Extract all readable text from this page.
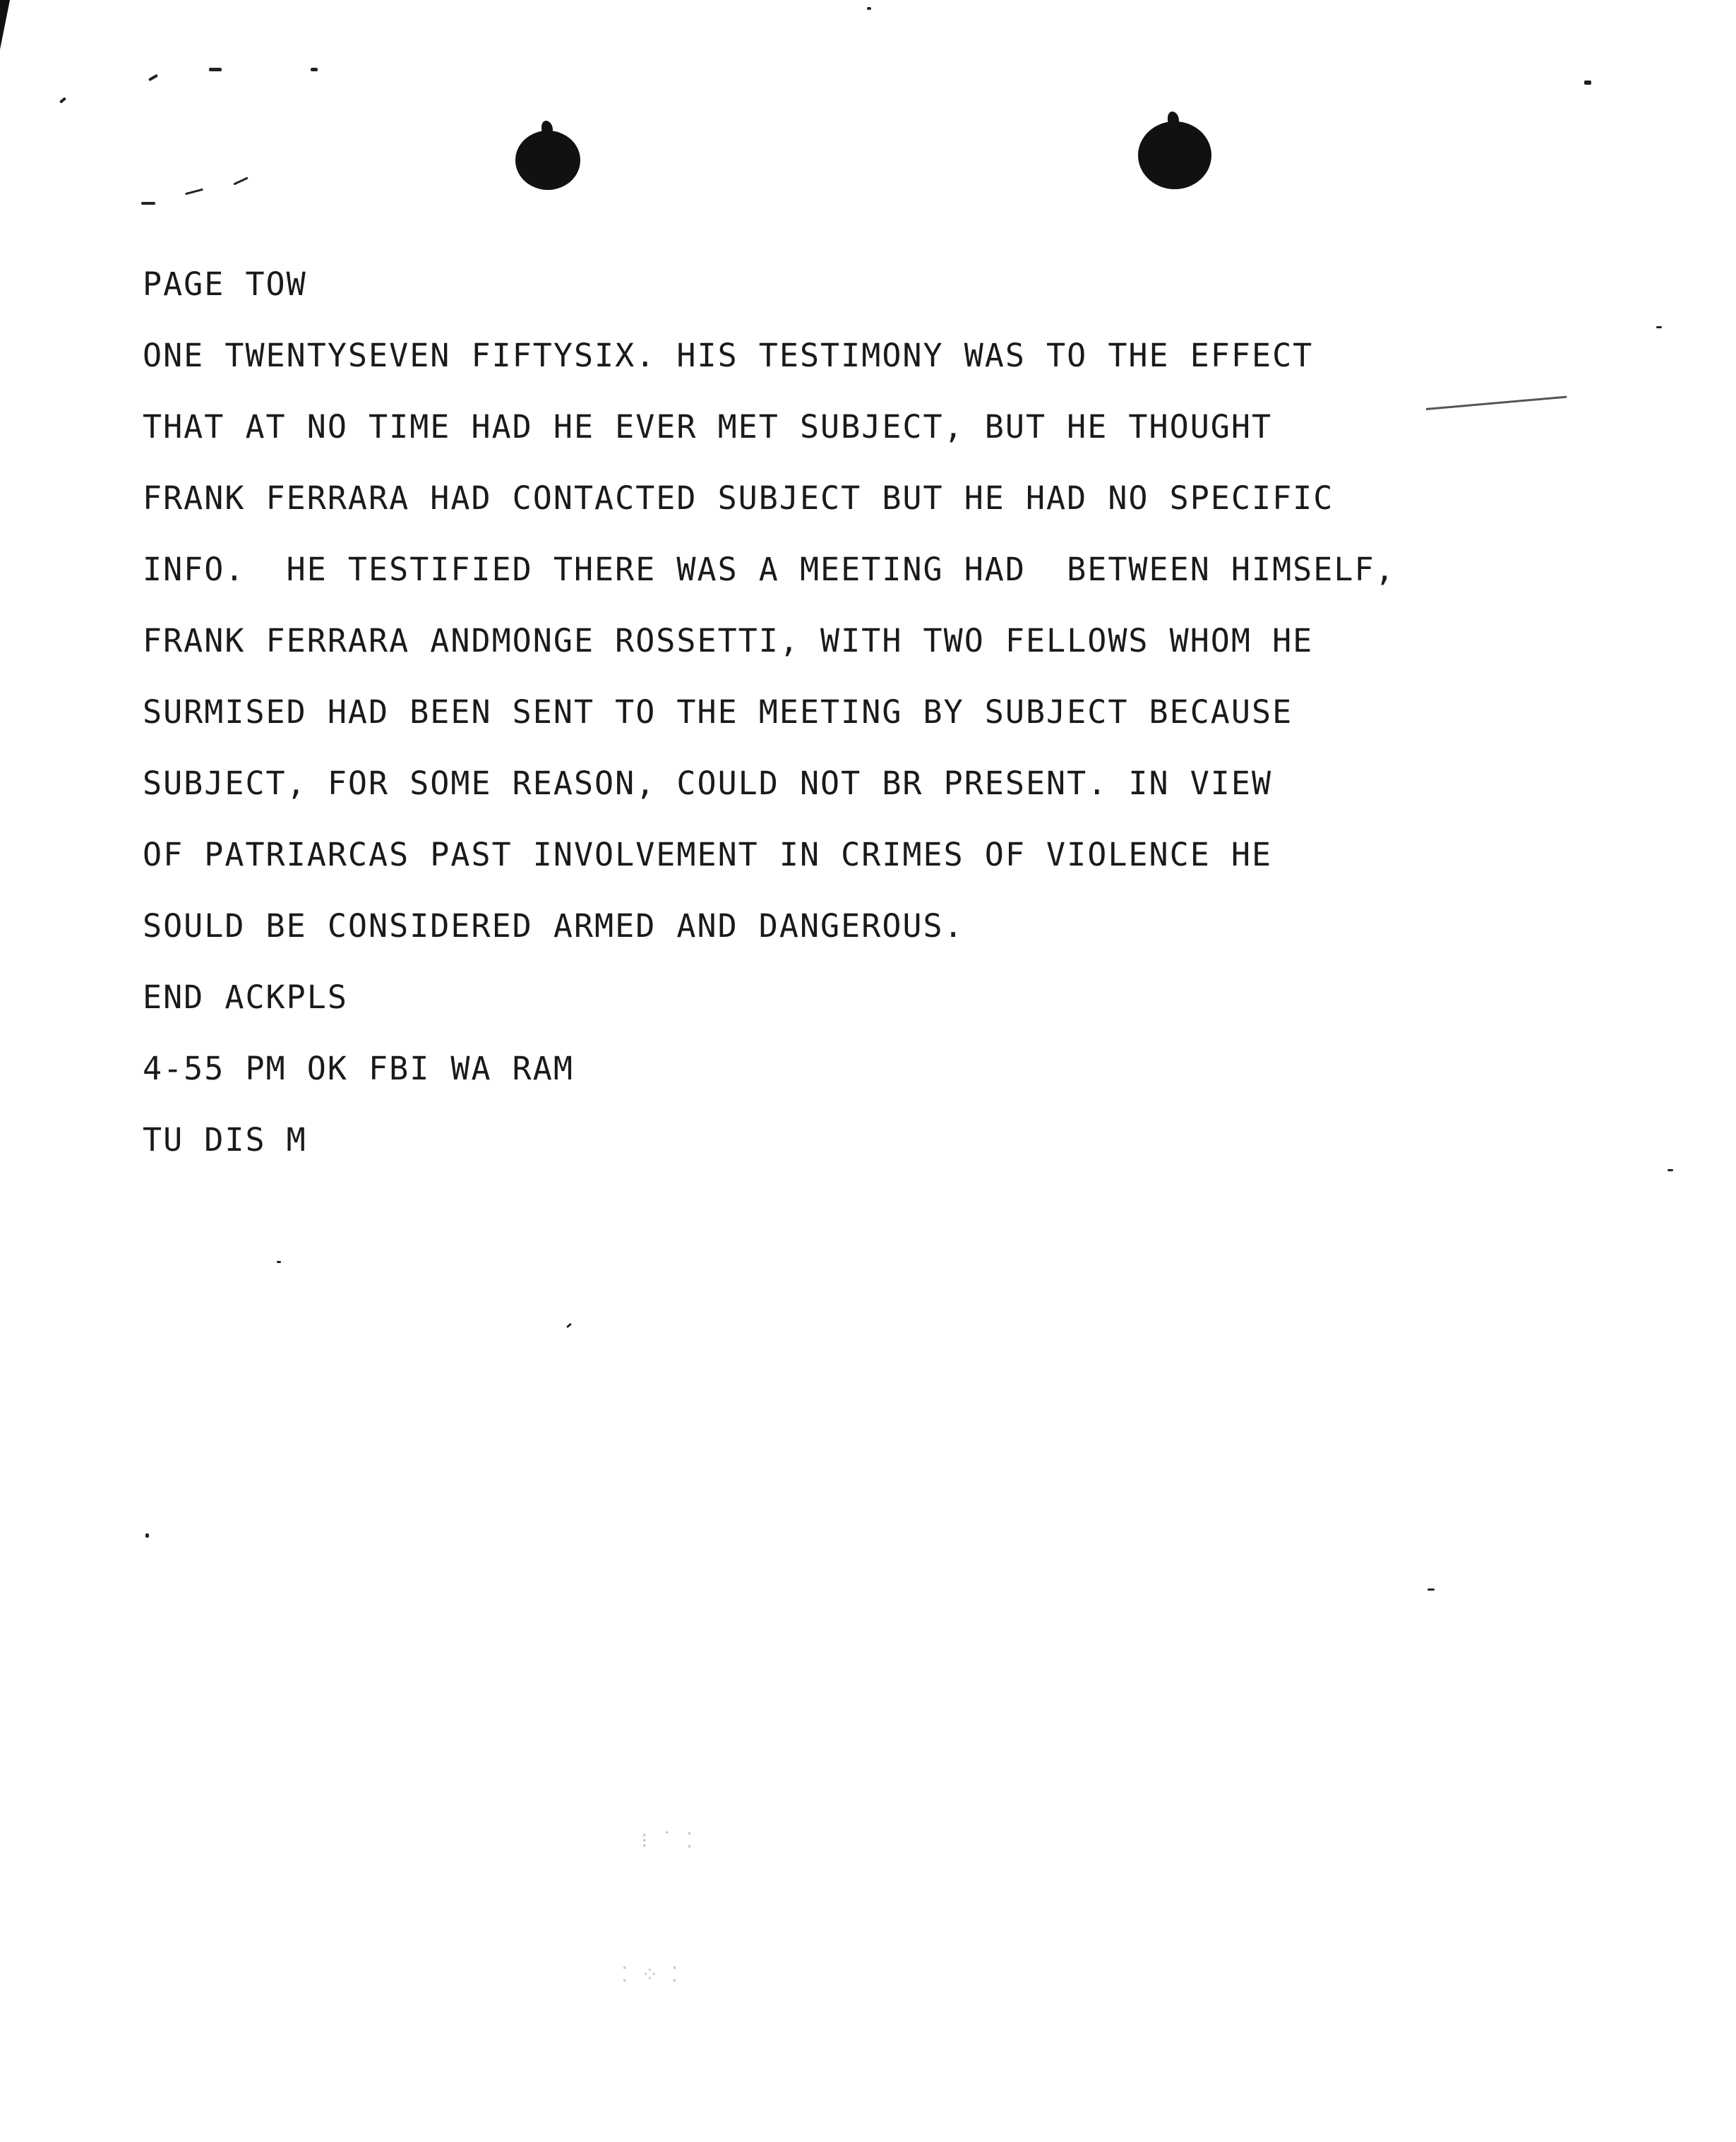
⁝ ˙ ⁚
⁚ ⁘ ⁚
PAGE TOW
ONE TWENTYSEVEN FIFTYSIX. HIS TESTIMONY WAS TO THE EFFECT
THAT AT NO TIME HAD HE EVER MET SUBJECT, BUT HE THOUGHT
FRANK FERRARA HAD CONTACTED SUBJECT BUT HE HAD NO SPECIFIC
INFO.  HE TESTIFIED THERE WAS A MEETING HAD  BETWEEN HIMSELF,
FRANK FERRARA ANDMONGE ROSSETTI, WITH TWO FELLOWS WHOM HE
SURMISED HAD BEEN SENT TO THE MEETING BY SUBJECT BECAUSE
SUBJECT, FOR SOME REASON, COULD NOT BR PRESENT. IN VIEW
OF PATRIARCAS PAST INVOLVEMENT IN CRIMES OF VIOLENCE HE
SOULD BE CONSIDERED ARMED AND DANGEROUS.
END ACKPLS
4-55 PM OK FBI WA RAM
TU DIS M
